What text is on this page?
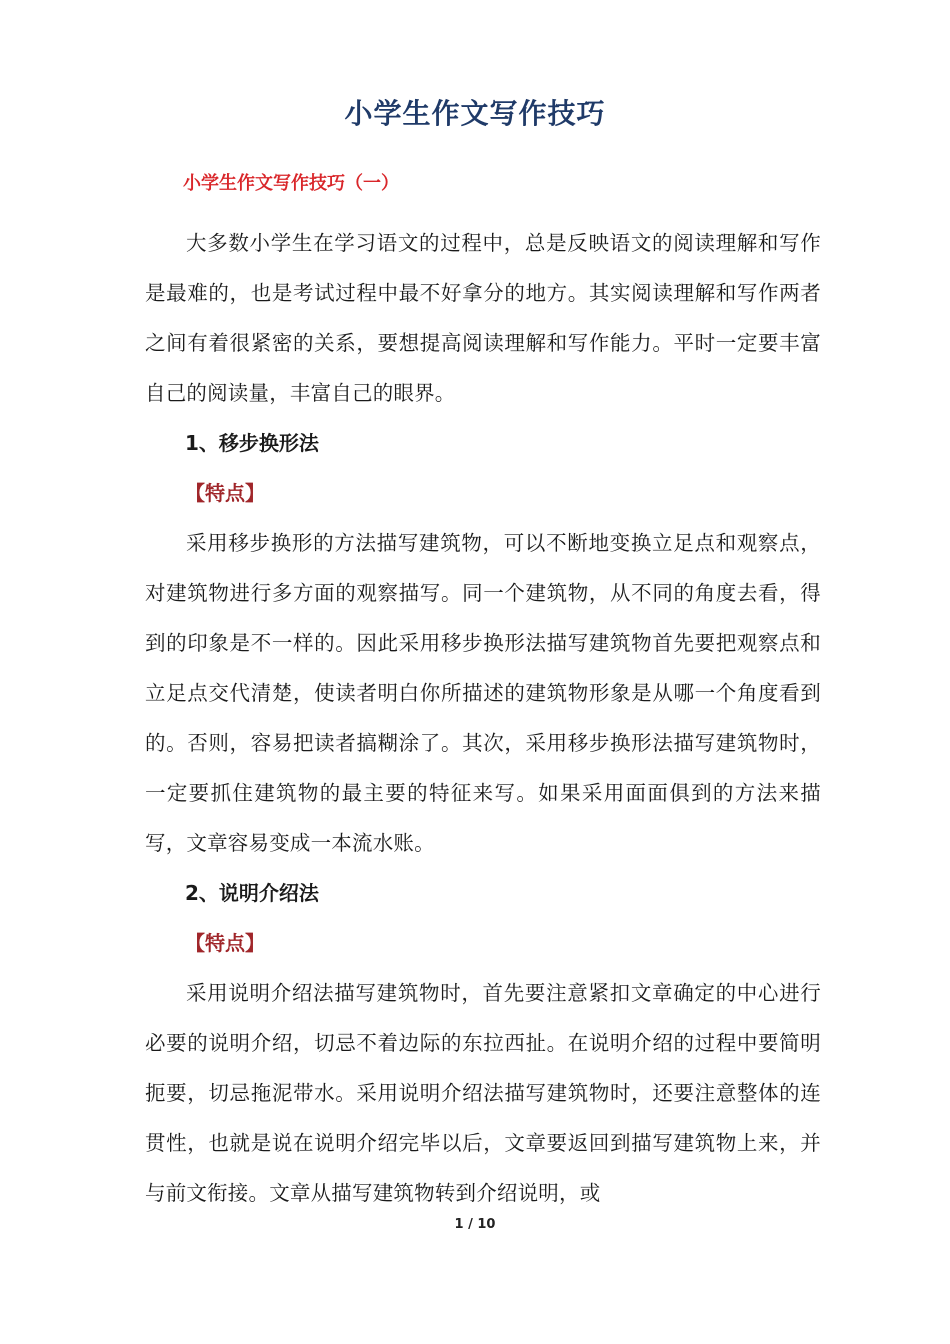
小学生作文写作技巧
小学生作文写作技巧（一）

大多数小学生在学习语文的过程中，总是反映语文的阅读理解和写作是最难的，也是考试过程中最不好拿分的地方。其实阅读理解和写作两者之间有着很紧密的关系，要想提高阅读理解和写作能力。平时一定要丰富自己的阅读量，丰富自己的眼界。

1、移步换形法

【特点】

采用移步换形的方法描写建筑物，可以不断地变换立足点和观察点，对建筑物进行多方面的观察描写。同一个建筑物，从不同的角度去看，得到的印象是不一样的。因此采用移步换形法描写建筑物首先要把观察点和立足点交代清楚，使读者明白你所描述的建筑物形象是从哪一个角度看到的。否则，容易把读者搞糊涂了。其次，采用移步换形法描写建筑物时，一定要抓住建筑物的最主要的特征来写。如果采用面面俱到的方法来描写，文章容易变成一本流水账。

2、说明介绍法

【特点】

采用说明介绍法描写建筑物时，首先要注意紧扣文章确定的中心进行必要的说明介绍，切忌不着边际的东拉西扯。在说明介绍的过程中要简明扼要，切忌拖泥带水。采用说明介绍法描写建筑物时，还要注意整体的连贯性，也就是说在说明介绍完毕以后，文章要返回到描写建筑物上来，并与前文衔接。文章从描写建筑物转到介绍说明，或

1 / 10
